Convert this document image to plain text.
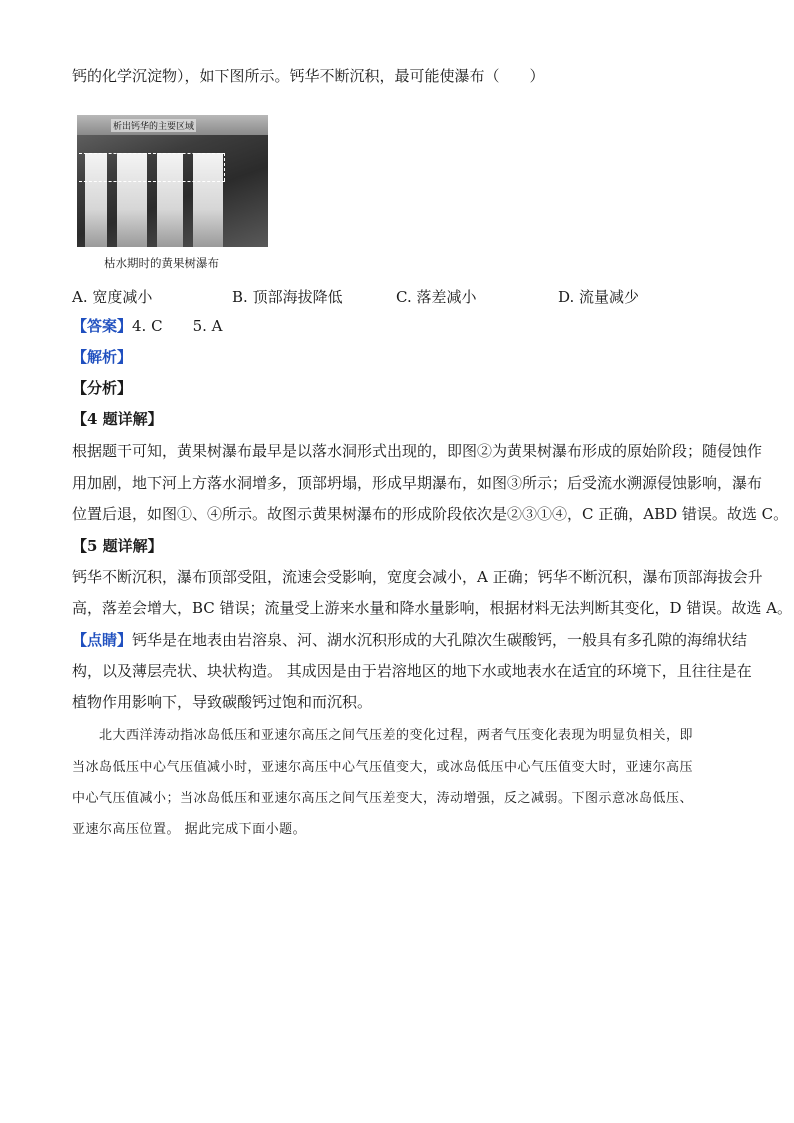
钙的化学沉淀物），如下图所示。钙华不断沉积，最可能使瀑布（　　）
析出钙华的主要区域
枯水期时的黄果树瀑布
A. 宽度减小	B. 顶部海拔降低	C. 落差减小	D. 流量减少
【答案】4. C　　5. A
【解析】
【分析】
【4 题详解】
根据题干可知，黄果树瀑布最早是以落水洞形式出现的，即图②为黄果树瀑布形成的原始阶段；随侵蚀作
用加剧，地下河上方落水洞增多，顶部坍塌，形成早期瀑布，如图③所示；后受流水溯源侵蚀影响，瀑布
位置后退，如图①、④所示。故图示黄果树瀑布的形成阶段依次是②③①④，C 正确，ABD 错误。故选 C。
【5 题详解】
钙华不断沉积，瀑布顶部受阻，流速会受影响，宽度会减小，A 正确；钙华不断沉积，瀑布顶部海拔会升
高，落差会增大，BC 错误；流量受上游来水量和降水量影响，根据材料无法判断其变化，D 错误。故选 A。
【点睛】钙华是在地表由岩溶泉、河、湖水沉积形成的大孔隙次生碳酸钙，一般具有多孔隙的海绵状结
构，以及薄层壳状、块状构造。 其成因是由于岩溶地区的地下水或地表水在适宜的环境下，且往往是在
植物作用影响下，导致碳酸钙过饱和而沉积。
　　北大西洋涛动指冰岛低压和亚速尔高压之间气压差的变化过程，两者气压变化表现为明显负相关，即
当冰岛低压中心气压值减小时，亚速尔高压中心气压值变大，或冰岛低压中心气压值变大时，亚速尔高压
中心气压值减小；当冰岛低压和亚速尔高压之间气压差变大，涛动增强，反之减弱。下图示意冰岛低压、
亚速尔高压位置。 据此完成下面小题。
